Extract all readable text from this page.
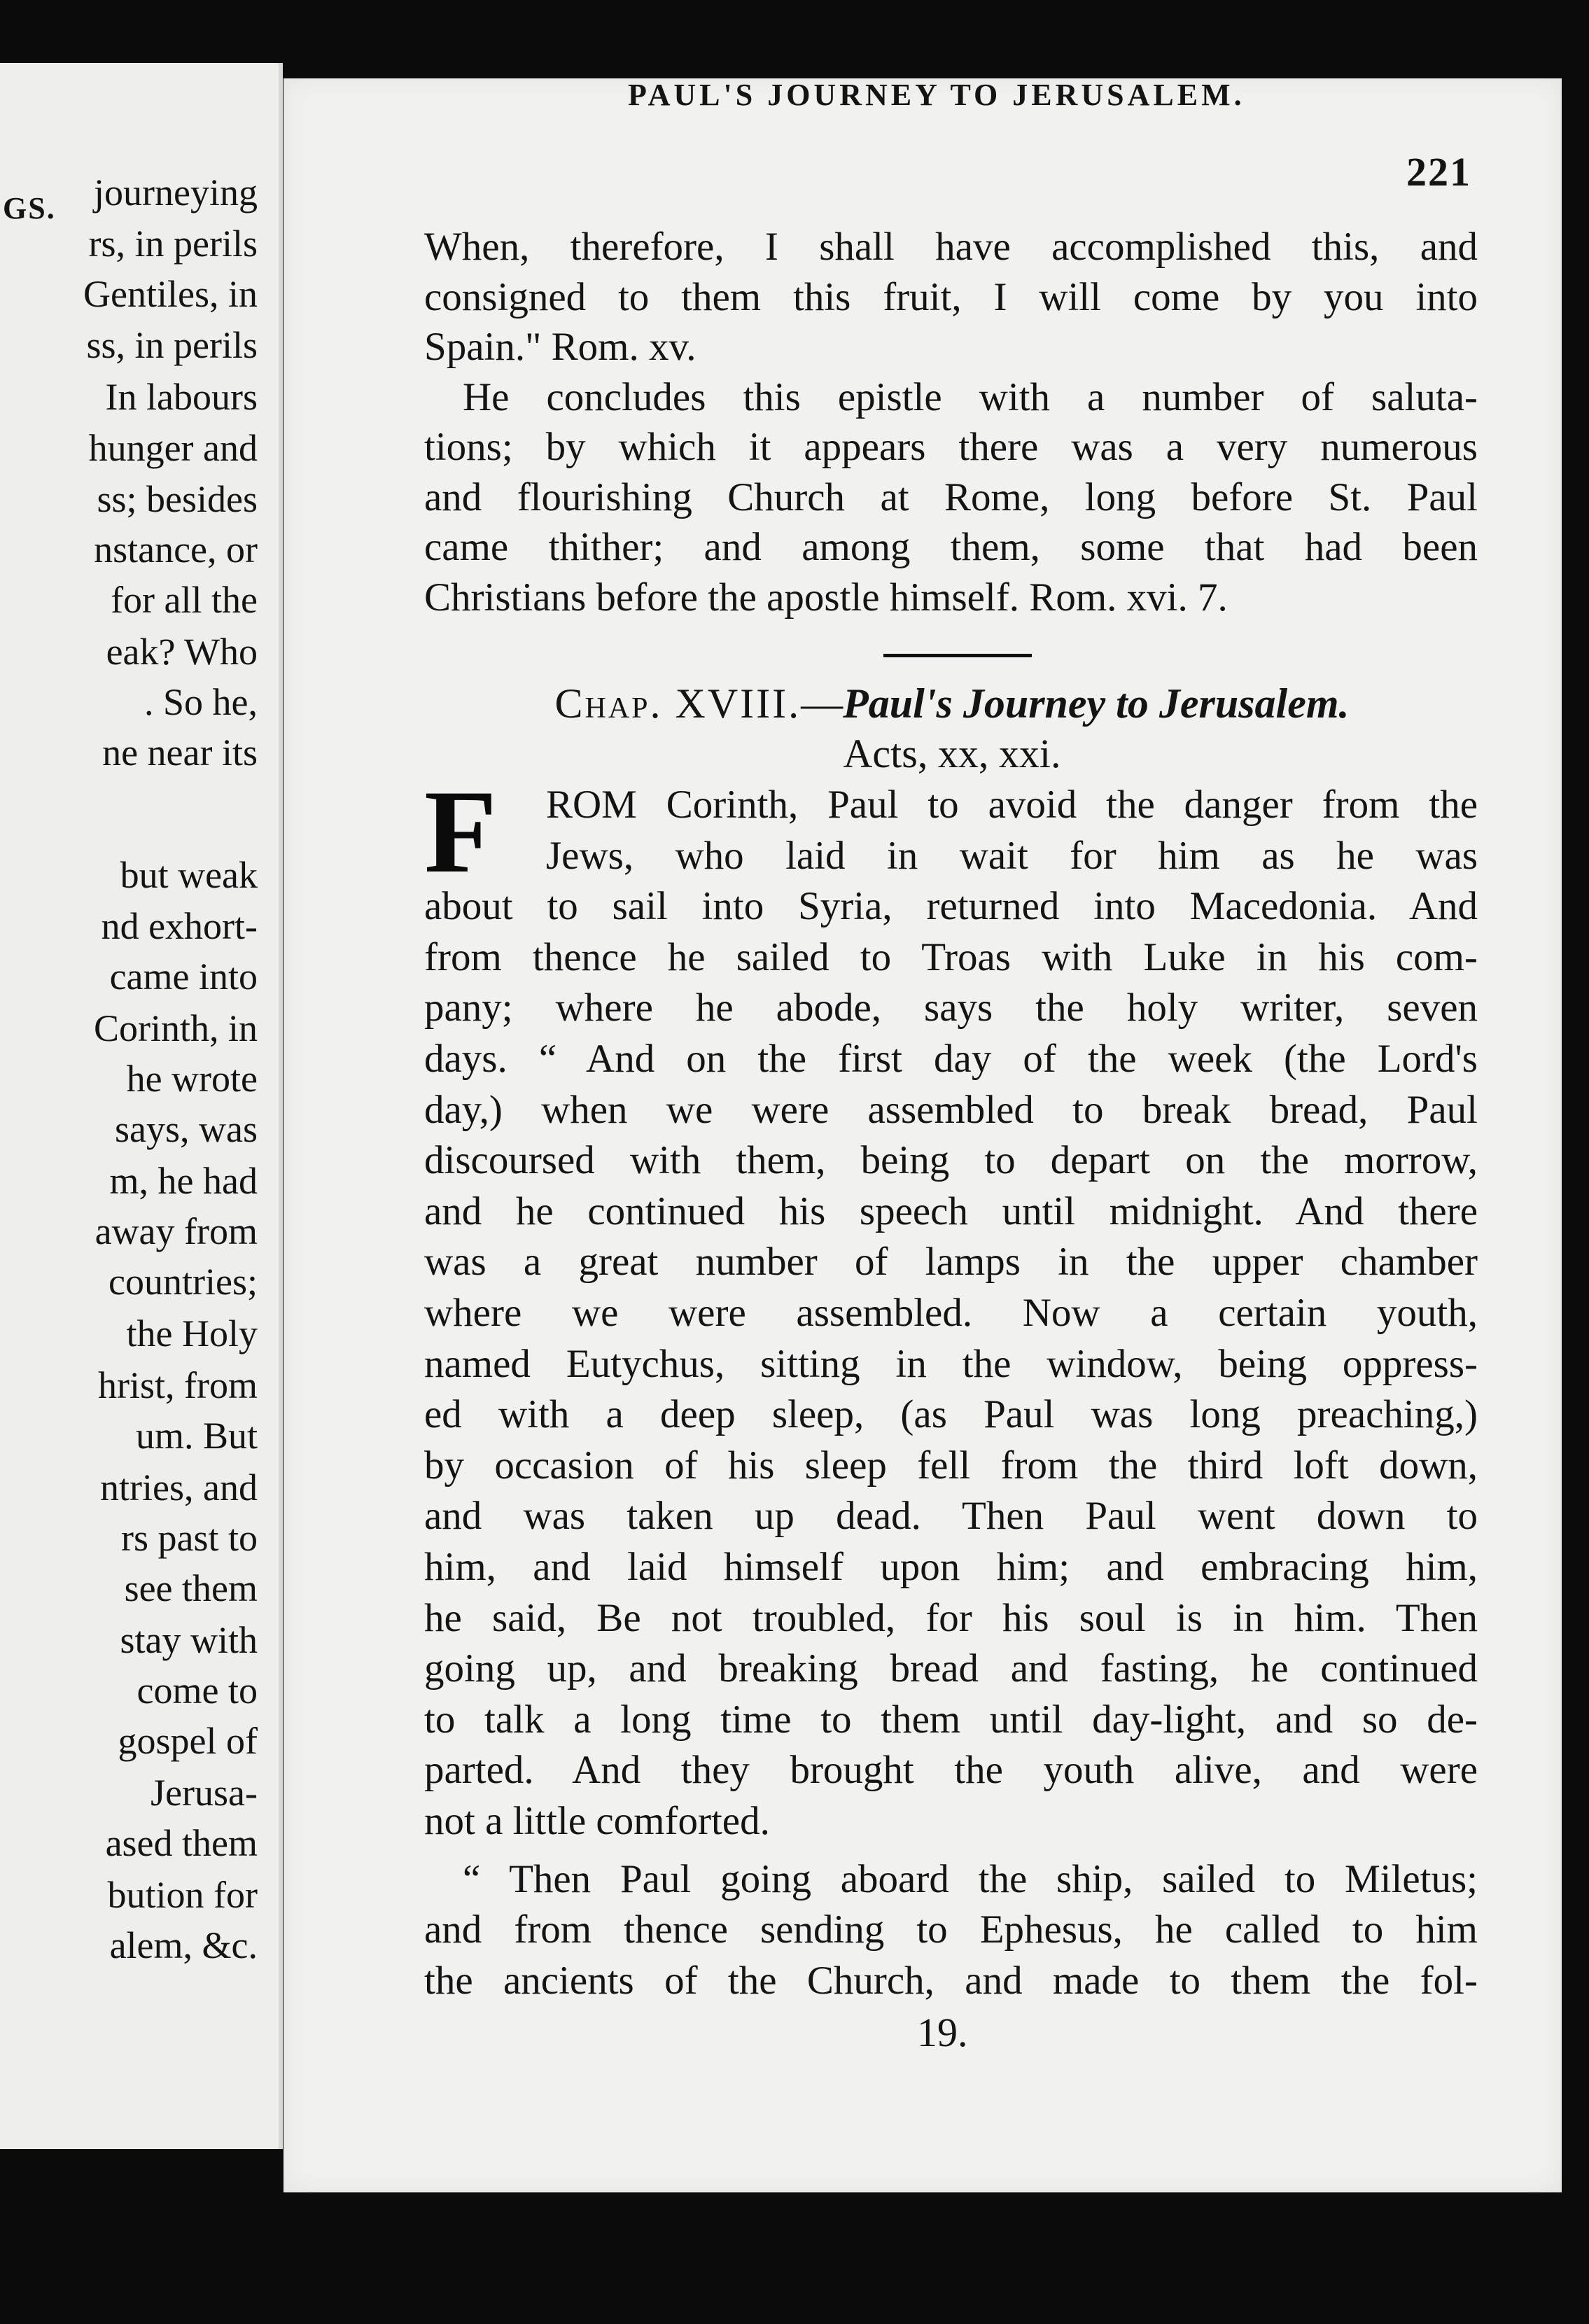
GS. journeying
rs, in perils
Gentiles, in
ss, in perils
In labours
hunger and
ss; besides
nstance, or
for all the
eak? Who
. So he,
ne near its
but weak
nd exhort-
came into
Corinth, in
he wrote
says, was
m, he had
away from
countries;
the Holy
hrist, from
um. But
ntries, and
rs past to
see them
stay with
come to
gospel of
Jerusa-
ased them
bution for
alem, &c.
PAUL'S JOURNEY TO JERUSALEM.
221
When, therefore, I shall have accomplished this, and
consigned to them this fruit, I will come by you into
Spain." Rom. xv.
He concludes this epistle with a number of saluta-
tions; by which it appears there was a very numerous
and flourishing Church at Rome, long before St. Paul
came thither; and among them, some that had been
Christians before the apostle himself. Rom. xvi. 7.
Chap. XVIII.—Paul's Journey to Jerusalem.
Acts, xx, xxi.
F ROM Corinth, Paul to avoid the danger from the
Jews, who laid in wait for him as he was
about to sail into Syria, returned into Macedonia. And
from thence he sailed to Troas with Luke in his com-
pany; where he abode, says the holy writer, seven
days. “ And on the first day of the week (the Lord's
day,) when we were assembled to break bread, Paul
discoursed with them, being to depart on the morrow,
and he continued his speech until midnight. And there
was a great number of lamps in the upper chamber
where we were assembled. Now a certain youth,
named Eutychus, sitting in the window, being oppress-
ed with a deep sleep, (as Paul was long preaching,)
by occasion of his sleep fell from the third loft down,
and was taken up dead. Then Paul went down to
him, and laid himself upon him; and embracing him,
he said, Be not troubled, for his soul is in him. Then
going up, and breaking bread and fasting, he continued
to talk a long time to them until day-light, and so de-
parted. And they brought the youth alive, and were
not a little comforted.
“ Then Paul going aboard the ship, sailed to Miletus;
and from thence sending to Ephesus, he called to him
the ancients of the Church, and made to them the fol-
19.
